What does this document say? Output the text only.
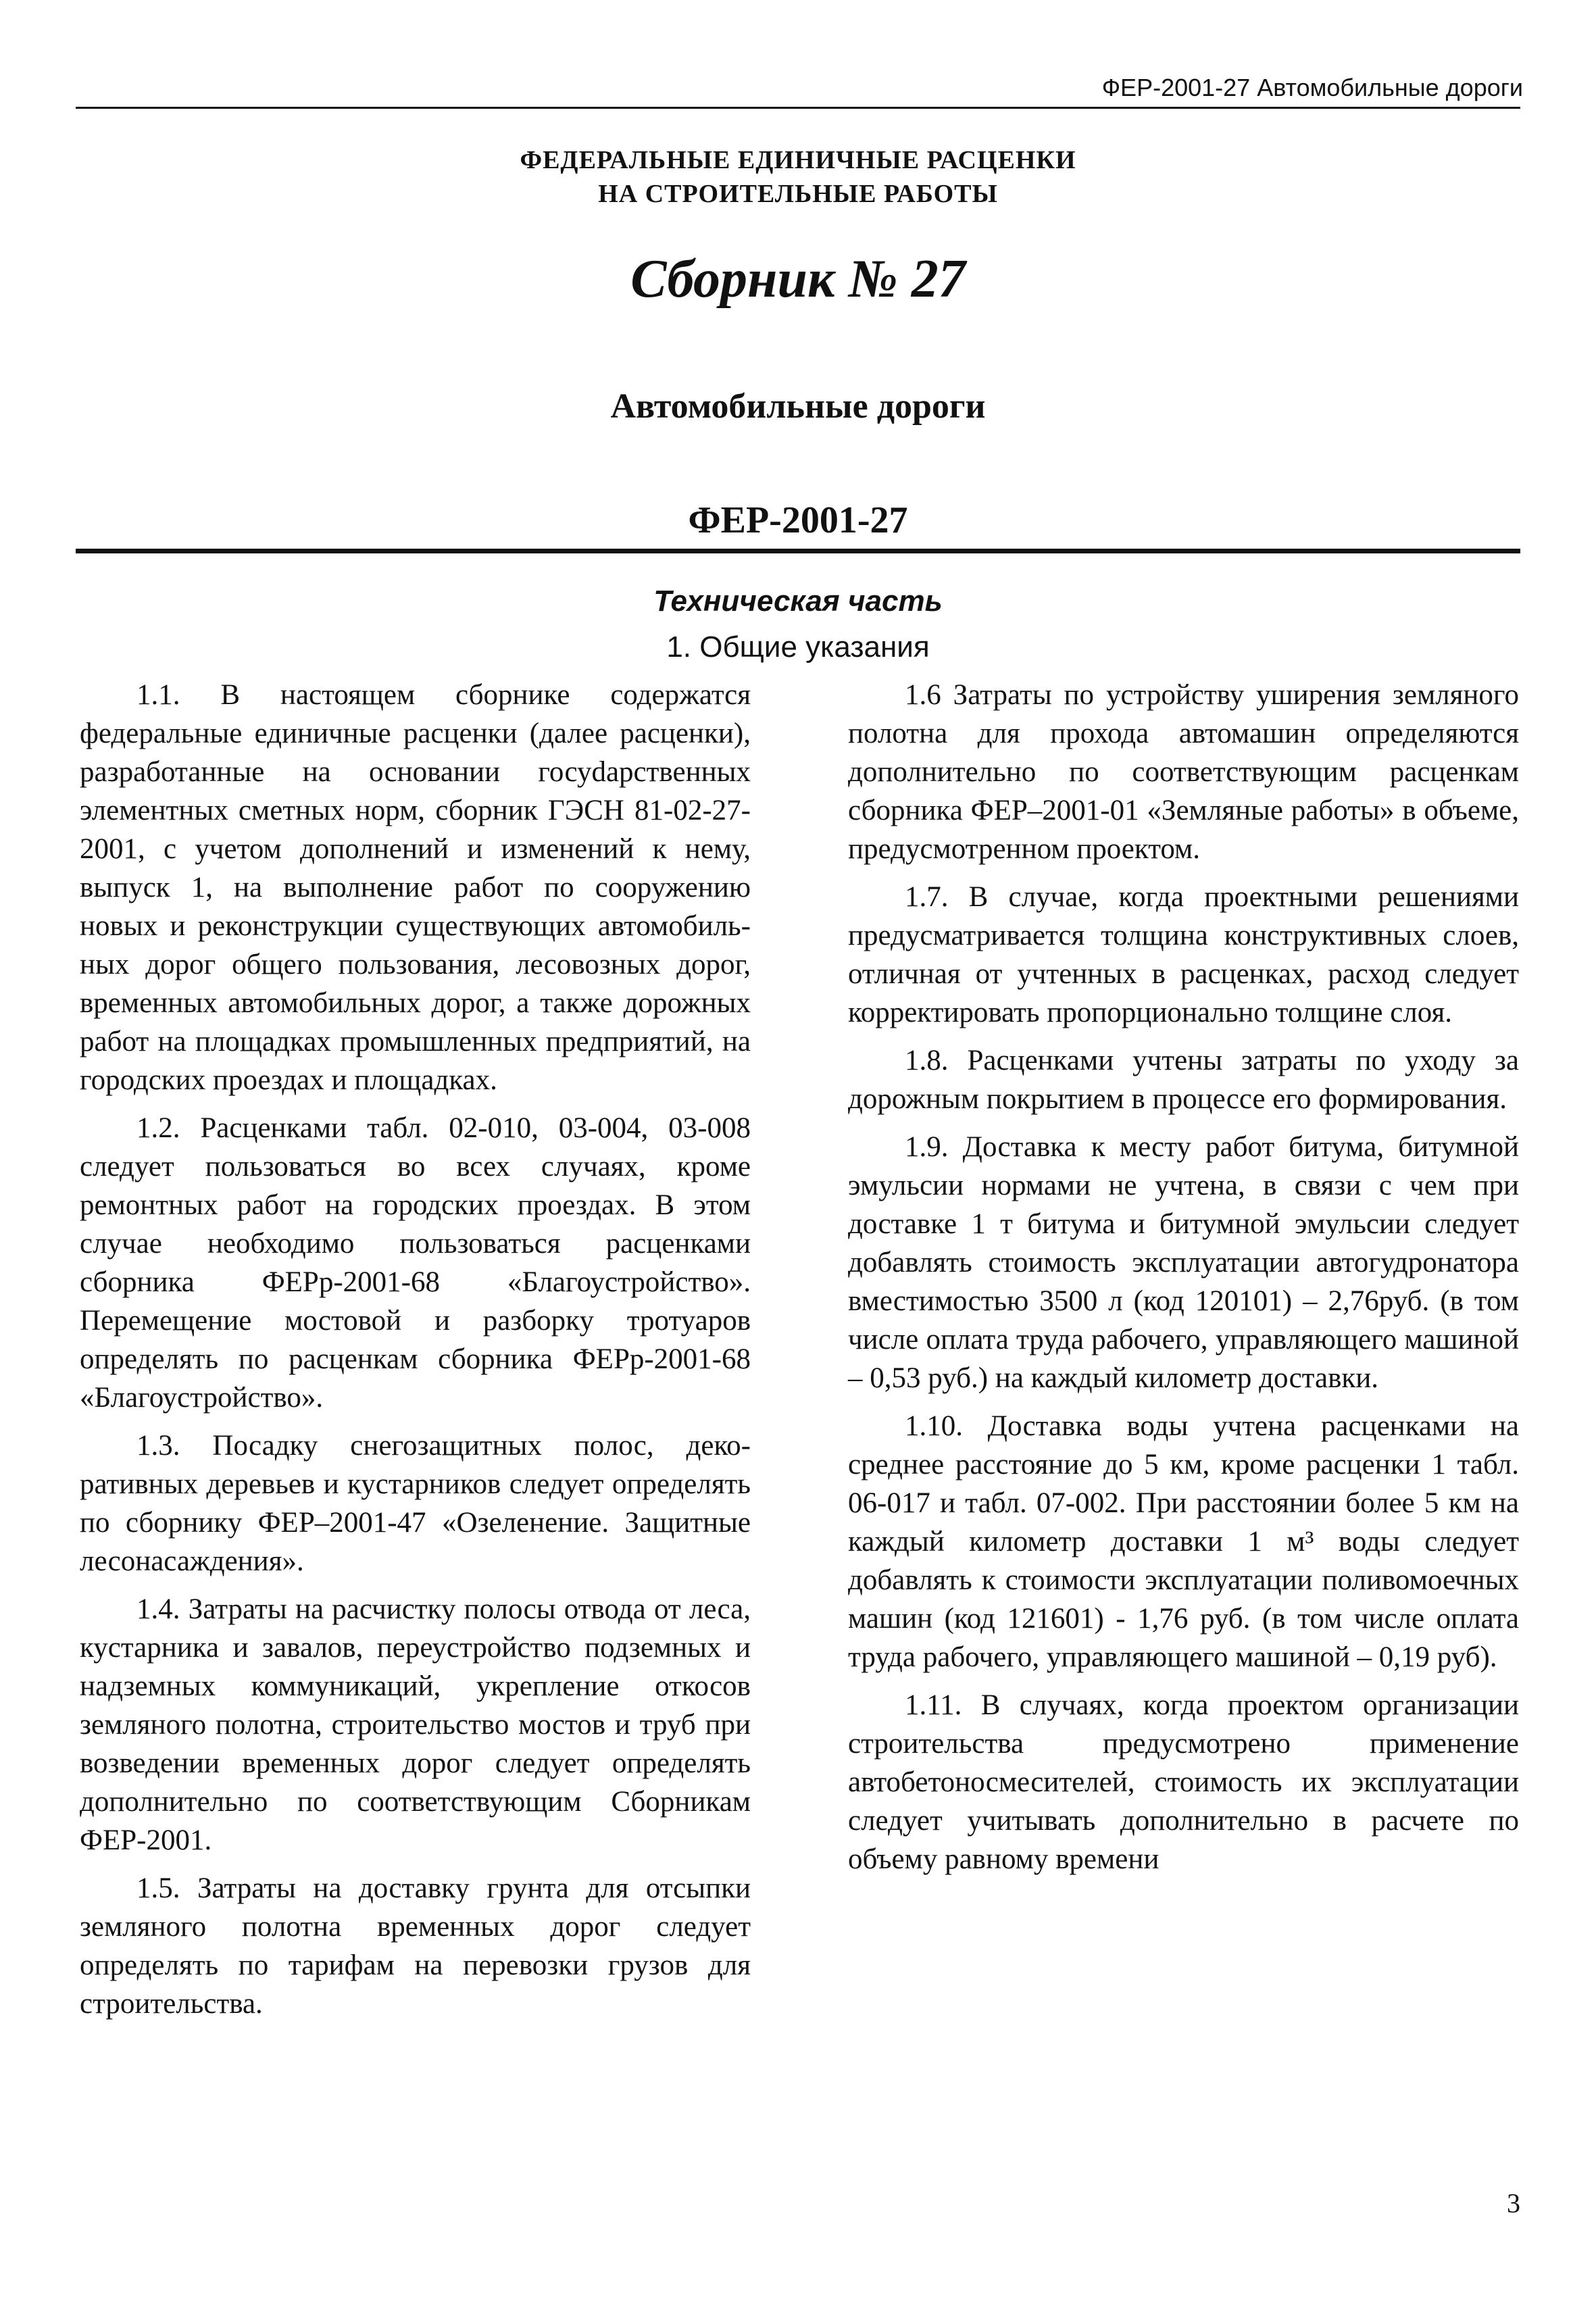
ФЕР-2001-27 Автомобильные дороги
ФЕДЕРАЛЬНЫЕ ЕДИНИЧНЫЕ РАСЦЕНКИ
НА СТРОИТЕЛЬНЫЕ РАБОТЫ
Сборник № 27
Автомобильные дороги
ФЕР-2001-27
Техническая часть
1. Общие указания

1.1. В настоящем сборнике содержатся федеральные единичные расценки (далее расценки), разработанные на основании госуdарственных элементных сметных норм, сборник ГЭСН 81-02-27-2001, с учетом дополнений и изменений к нему, выпуск 1, на выполнение работ по сооружению новых и реконструкции существующих автомобильных дорог общего пользования, лесовозных дорог, временных автомобильных дорог, а также дорожных работ на площадках промышленных предприятий, на городских проездах и площадках.

1.2. Расценками табл. 02-010, 03-004, 03-008 следует пользоваться во всех случаях, кроме ремонтных работ на городских проездах. В этом случае необходимо пользоваться расценками сборника ФЕРр-2001-68 «Благоустройство». Перемещение мостовой и разборку тротуаров определять по расценкам сборника ФЕРр-2001-68 «Благоустройство».

1.3. Посадку снегозащитных полос, декоративных деревьев и кустарников следует определять по сборнику ФЕР–2001-47 «Озеленение. Защитные лесонасаждения».

1.4. Затраты на расчистку полосы отвода от леса, кустарника и завалов, переустройство подземных и надземных коммуникаций, укрепление откосов земляного полотна, строительство мостов и труб при возведении временных дорог следует определять дополнительно по соответствующим Сборникам ФЕР-2001.

1.5. Затраты на доставку грунта для отсыпки земляного полотна временных дорог следует определять по тарифам на перевозки грузов для строительства.

1.6 Затраты по устройству уширения земляного полотна для прохода автомашин определяются дополнительно по соответствующим расценкам сборника ФЕР–2001-01 «Земляные работы» в объеме, предусмотренном проектом.

1.7. В случае, когда проектными решениями предусматривается толщина конструктивных слоев, отличная от учтенных в расценках, расход следует корректировать пропорционально толщине слоя.

1.8. Расценками учтены затраты по уходу за дорожным покрытием в процессе его формирования.

1.9. Доставка к месту работ битума, битумной эмульсии нормами не учтена, в связи с чем при доставке 1 т битума и битумной эмульсии следует добавлять стоимость эксплуатации автогудронатора вместимостью 3500 л (код 120101) – 2,76руб. (в том числе оплата труда рабочего, управляющего машиной – 0,53 руб.) на каждый километр доставки.

1.10. Доставка воды учтена расценками на среднее расстояние до 5 км, кроме расценки 1 табл. 06-017 и табл. 07-002. При расстоянии более 5 км на каждый километр доставки 1 м³ воды следует добавлять к стоимости эксплуатации поливомоечных машин (код 121601) - 1,76 руб. (в том числе оплата труда рабочего, управляющего машиной – 0,19 руб).

1.11. В случаях, когда проектом организации строительства предусмотрено применение автобетоносмесителей, стоимость их эксплуатации следует учитывать дополнительно в расчете по объему равному времени

3
